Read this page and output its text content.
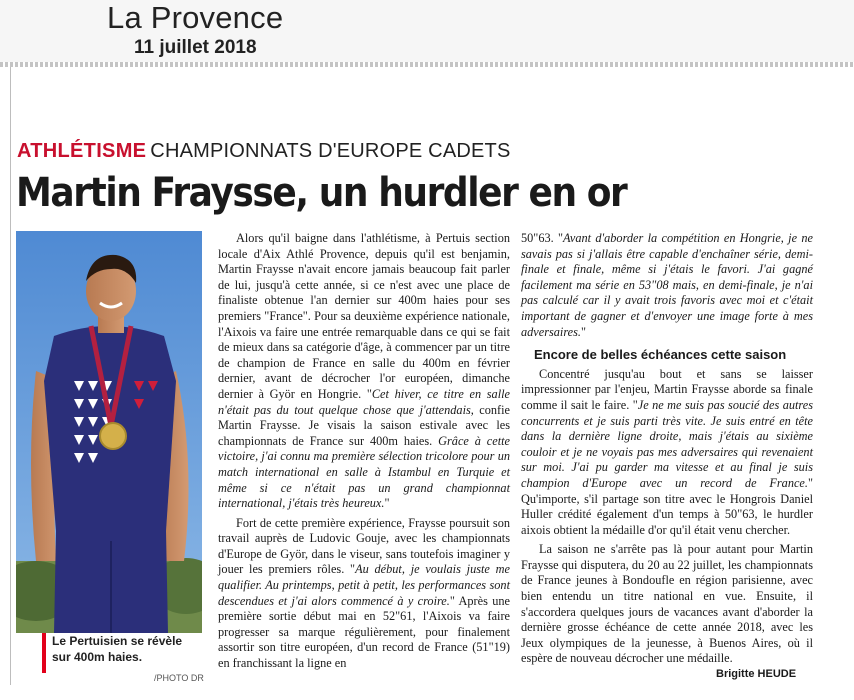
La Provence
11 juillet 2018
ATHLÉTISME CHAMPIONNATS D'EUROPE CADETS
Martin Fraysse, un hurdler en or
Le Pertuisien se révèle sur 400m haies.
/PHOTO DR

Alors qu'il baigne dans l'athlétisme, à Pertuis section locale d'Aix Athlé Provence, depuis qu'il est benjamin, Martin Fraysse n'avait encore jamais beaucoup fait parler de lui, jusqu'à cette année, si ce n'est avec une place de finaliste obtenue l'an dernier sur 400m haies pour ses premiers "France". Pour sa deuxième expérience nationale, l'Aixois va faire une entrée remarquable dans ce qui se fait de mieux dans sa catégorie d'âge, à commencer par un titre de champion de France en salle du 400m en février dernier, avant de décrocher l'or européen, dimanche dernier à Györ en Hongrie. "Cet hiver, ce titre en salle n'était pas du tout quelque chose que j'attendais, confie Martin Fraysse. Je visais la saison estivale avec les championnats de France sur 400m haies. Grâce à cette victoire, j'ai connu ma première sélection tricolore pour un match international en salle à Istambul en Turquie et même si ce n'était pas un grand championnat international, j'étais très heureux."

Fort de cette première expérience, Fraysse poursuit son travail auprès de Ludovic Gouje, avec les championnats d'Europe de Györ, dans le viseur, sans toutefois imaginer y jouer les premiers rôles. "Au début, je voulais juste me qualifier. Au printemps, petit à petit, les performances sont descendues et j'ai alors commencé à y croire." Après une première sortie début mai en 52"61, l'Aixois va faire progresser sa marque régulièrement, pour finalement assortir son titre européen, d'un record de France (51"19) en franchissant la ligne en

50"63. "Avant d'aborder la compétition en Hongrie, je ne savais pas si j'allais être capable d'enchaîner série, demi-finale et finale, même si j'étais le favori. J'ai gagné facilement ma série en 53"08 mais, en demi-finale, je n'ai pas calculé car il y avait trois favoris avec moi et c'était important de gagner et d'envoyer une image forte à mes adversaires."

Encore de belles échéances cette saison

Concentré jusqu'au bout et sans se laisser impressionner par l'enjeu, Martin Fraysse aborde sa finale comme il sait le faire. "Je ne me suis pas soucié des autres concurrents et je suis parti très vite. Je suis entré en tête dans la dernière ligne droite, mais j'étais au sixième couloir et je ne voyais pas mes adversaires qui revenaient sur moi. J'ai pu garder ma vitesse et au final je suis champion d'Europe avec un record de France." Qu'importe, s'il partage son titre avec le Hongrois Daniel Huller crédité également d'un temps à 50"63, le hurdler aixois obtient la médaille d'or qu'il était venu chercher.

La saison ne s'arrête pas là pour autant pour Martin Fraysse qui disputera, du 20 au 22 juillet, les championnats de France jeunes à Bondoufle en région parisienne, avec bien entendu un titre national en vue. Ensuite, il s'accordera quelques jours de vacances avant d'aborder la dernière grosse échéance de cette année 2018, avec les Jeux olympiques de la jeunesse, à Buenos Aires, où il espère de nouveau décrocher une médaille.

Brigitte HEUDE
